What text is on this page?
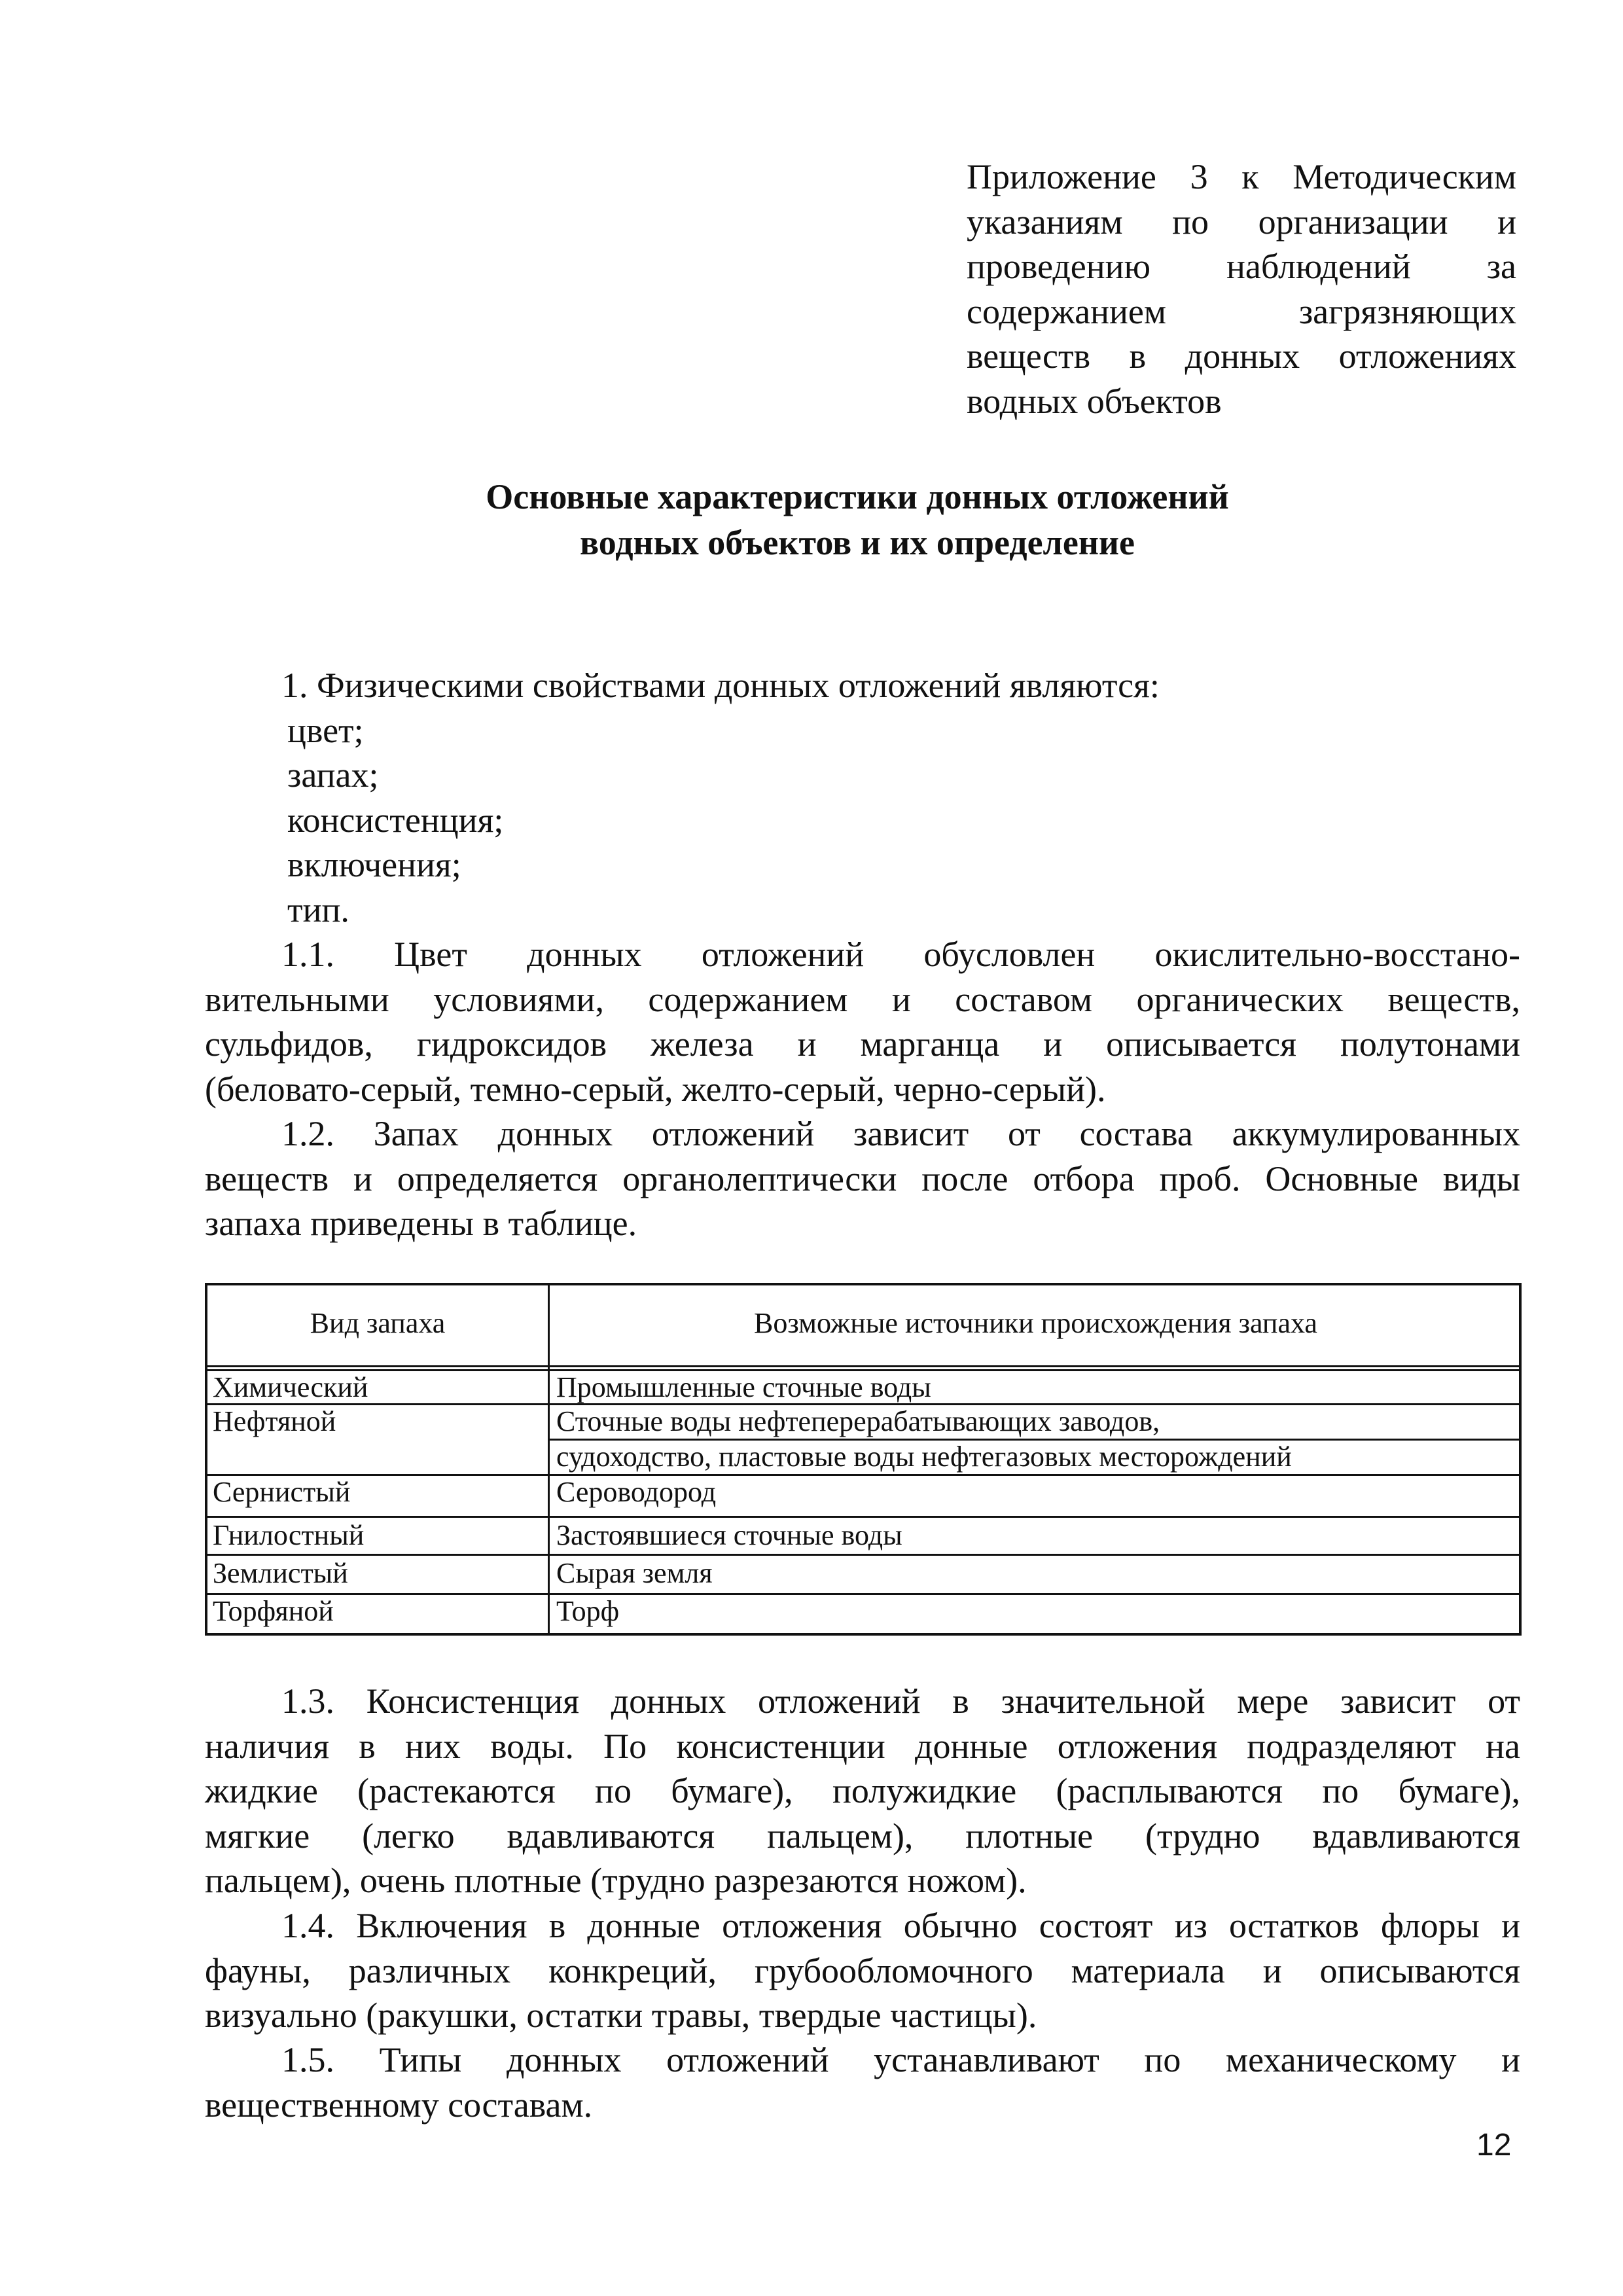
Приложение 3 к Методическим
указаниям по организации и
проведению наблюдений за
содержанием загрязняющих
веществ в донных отложениях
водных объектов
Основные характеристики донных отложений
водных объектов и их определение
1. Физическими свойствами донных отложений являются:
цвет;
запах;
консистенция;
включения;
тип.
1.1. Цвет донных отложений обусловлен окислительно-восстано-
вительными условиями, содержанием и составом органических веществ,
сульфидов, гидроксидов железа и марганца и описывается полутонами
(беловато-серый, темно-серый, желто-серый, черно-серый).
1.2. Запах донных отложений зависит от состава аккумулированных
веществ и определяется органолептически после отбора проб. Основные виды
запаха приведены в таблице.
Вид запаха	Возможные источники происхождения запаха
Химический	Промышленные сточные воды
Нефтяной	Сточные воды нефтеперерабатывающих заводов,
судоходство, пластовые воды нефтегазовых месторождений
Сернистый	Сероводород
Гнилостный	Застоявшиеся сточные воды
Землистый	Сырая земля
Торфяной	Торф
1.3. Консистенция донных отложений в значительной мере зависит от
наличия в них воды. По консистенции донные отложения подразделяют на
жидкие (растекаются по бумаге), полужидкие (расплываются по бумаге),
мягкие (легко вдавливаются пальцем), плотные (трудно вдавливаются
пальцем), очень плотные (трудно разрезаются ножом).
1.4. Включения в донные отложения обычно состоят из остатков флоры и
фауны, различных конкреций, грубообломочного материала и описываются
визуально (ракушки, остатки травы, твердые частицы).
1.5. Типы донных отложений устанавливают по механическому и
вещественному составам.
12
